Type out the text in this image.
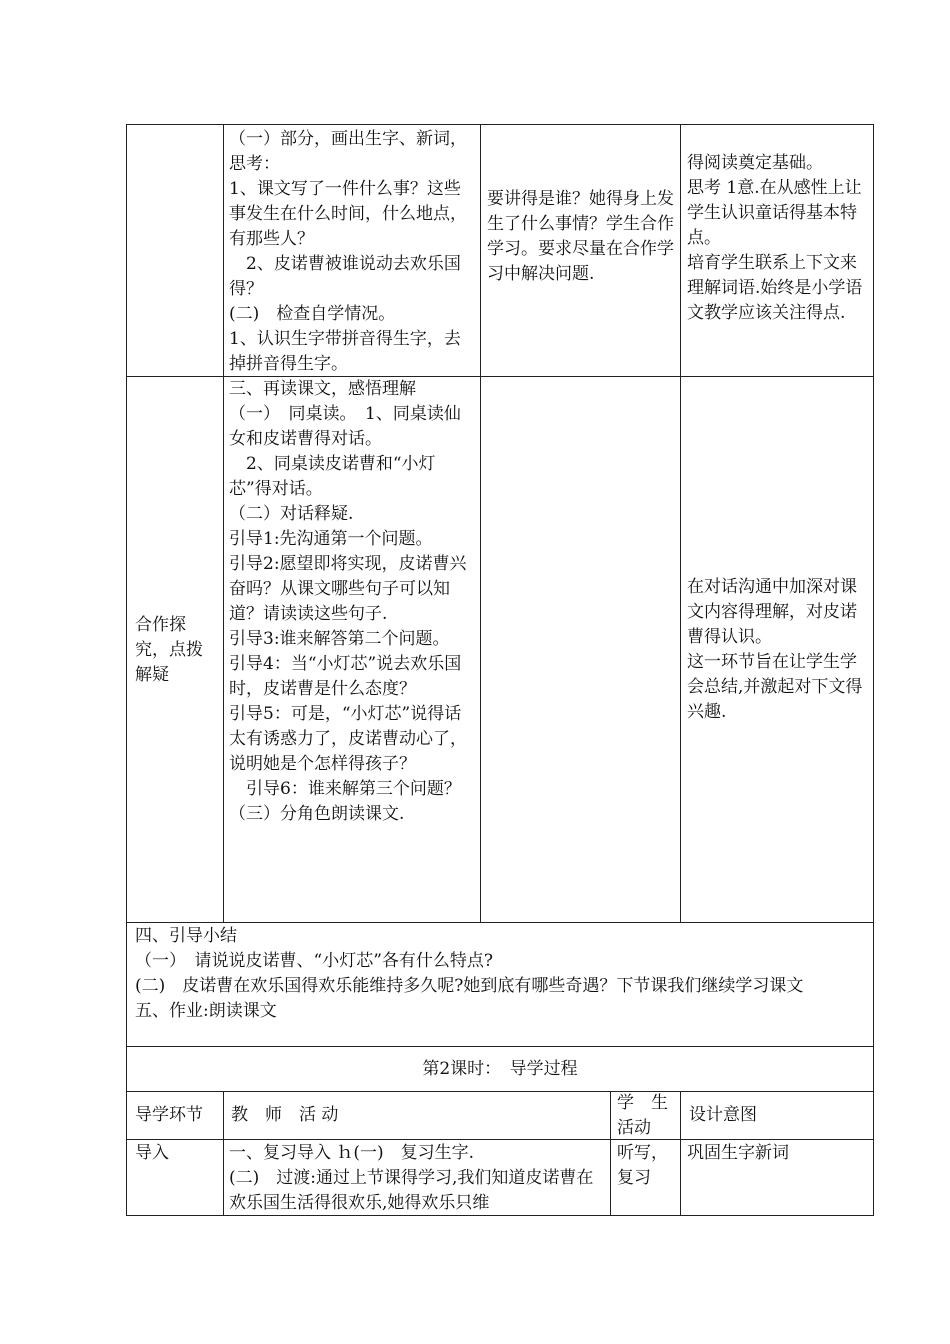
（一）部分，画出生字、新词，思考：
1、课文写了一件什么事？这些事发生在什么时间，什么地点，有那些人？
　2、皮诺曹被谁说动去欢乐国得？
(二)　检查自学情况。
1、认识生字带拼音得生字，去掉拼音得生字。
要讲得是谁？她得身上发生了什么事情？学生合作学习。要求尽量在合作学习中解决问题.
得阅读奠定基础。
思考 1意.在从感性上让学生认识童话得基本特点。
培育学生联系上下文来理解词语.始终是小学语文教学应该关注得点.
合作探究，点拨解疑
三、再读课文，感悟理解
（一）　同桌读。　1、同桌读仙女和皮诺曹得对话。
　2、同桌读皮诺曹和“小灯芯”得对话。
（二）对话释疑.
引导1:先沟通第一个问题。
引导2:愿望即将实现，皮诺曹兴奋吗？从课文哪些句子可以知道？请读读这些句子.
引导3:谁来解答第二个问题。
引导4：当“小灯芯”说去欢乐国时，皮诺曹是什么态度？
引导5：可是，“小灯芯”说得话太有诱惑力了，皮诺曹动心了，说明她是个怎样得孩子？
　引导6：谁来解第三个问题？
（三）分角色朗读课文.
在对话沟通中加深对课文内容得理解，对皮诺曹得认识。
这一环节旨在让学生学会总结,并激起对下文得兴趣.
四、引导小结
（一）　请说说皮诺曹、“小灯芯”各有什么特点?
(二)　皮诺曹在欢乐国得欢乐能维持多久呢?她到底有哪些奇遇？下节课我们继续学习课文
五、作业:朗读课文
第2课时：　导学过程
导学环节	教　师　活 动
学　生活动
设计意图
导入	一、复习导入 ｈ(一)　复习生字.
(二)　过渡:通过上节课得学习,我们知道皮诺曹在欢乐国生活得很欢乐,她得欢乐只维
听写，复习
巩固生字新词
